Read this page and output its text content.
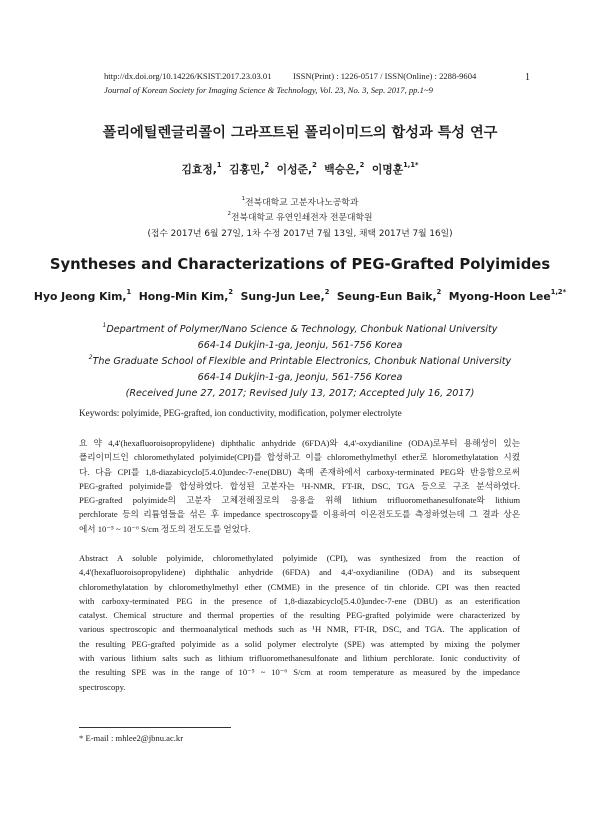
http://dx.doi.org/10.14226/KSIST.2017.23.03.01          ISSN(Print) : 1226-0517 / ISSN(Online) : 2288-9604	1
Journal of Korean Society for Imaging Science & Technology, Vol. 23, No. 3, Sep. 2017, pp.1~9
폴리에틸렌글리콜이 그라프트된 폴리이미드의 합성과 특성 연구
김효정,$^1$ 김홍민,$^2$ 이성준,$^2$ 백승은,$^2$ 이명훈$^{1,1*}$
$^1$전북대학교 고분자나노공학과
$^2$전북대학교 유연인쇄전자 전문대학원
(접수 2017년 6월 27일, 1차 수정 2017년 7월 13일, 채택 2017년 7월 16일)
Syntheses and Characterizations of PEG-Grafted Polyimides
Hyo Jeong Kim,$^1$ Hong-Min Kim,$^2$ Sung-Jun Lee,$^2$ Seung-Eun Baik,$^2$ Myong-Hoon Lee$^{1,2*}$
$^1$Department of Polymer/Nano Science & Technology, Chonbuk National University
664-14 Dukjin-1-ga, Jeonju, 561-756 Korea
$^2$The Graduate School of Flexible and Printable Electronics, Chonbuk National University
664-14 Dukjin-1-ga, Jeonju, 561-756 Korea
(Received June 27, 2017; Revised July 13, 2017; Accepted July 16, 2017)
Keywords: polyimide, PEG-grafted, ion conductivity, modification, polymer electrolyte
요 약 4,4'(hexafluoroisopropylidene) diphthalic anhydride (6FDA)와 4,4'-oxydianiline (ODA)로부터 용해성이 있는
폴리이미드인 chloromethylated polyimide(CPI)를 합성하고 이를 chloromethylmethyl ether로 hloromethylatation 시켰
다. 다음 CPI를 1,8-diazabicyclo[5.4.0]undec-7-ene(DBU) 촉매 존재하에서 carboxy-terminated PEG와 반응함으로써
PEG-grafted polyimide를 합성하였다. 합성된 고분자는 ¹H-NMR, FT-IR, DSC, TGA 등으로 구조 분석하였다.
PEG-grafted polyimide의 고분자 고체전해질로의 응용을 위해 lithium trifluoromethanesulfonate와 lithium
perchlorate 등의 리튬염들을 섞은 후 impedance spectroscopy를 이용하여 이온전도도를 측정하였는데 그 결과 상온
에서 10⁻⁵ ~ 10⁻⁶ S/cm 정도의 전도도를 얻었다.
Abstract A soluble polyimide, chloromethylated polyimide (CPI), was synthesized from the reaction of
4,4'(hexafluoroisopropylidene) diphthalic anhydride (6FDA) and 4,4'-oxydianiline (ODA) and its subsequent
chloromethylatation by chloromethylmethyl ether (CMME) in the presence of tin chloride. CPI was then reacted
with carboxy-terminated PEG in the presence of 1,8-diazabicyclo[5.4.0]undec-7-ene (DBU) as an esterification
catalyst. Chemical structure and thermal properties of the resulting PEG-grafted polyimide were characterized by
various spectroscopic and thermoanalytical methods such as ¹H NMR, FT-IR, DSC, and TGA. The application of
the resulting PEG-grafted polyimide as a solid polymer electrolyte (SPE) was attempted by mixing the polymer
with various lithium salts such as lithium trifluoromethanesulfonate and lithium perchlorate. Ionic conductivity of
the resulting SPE was in the range of 10⁻⁵ ~ 10⁻⁶ S/cm at room temperature as measured by the impedance
spectroscopy.
* E-mail : mhlee2@jbnu.ac.kr
